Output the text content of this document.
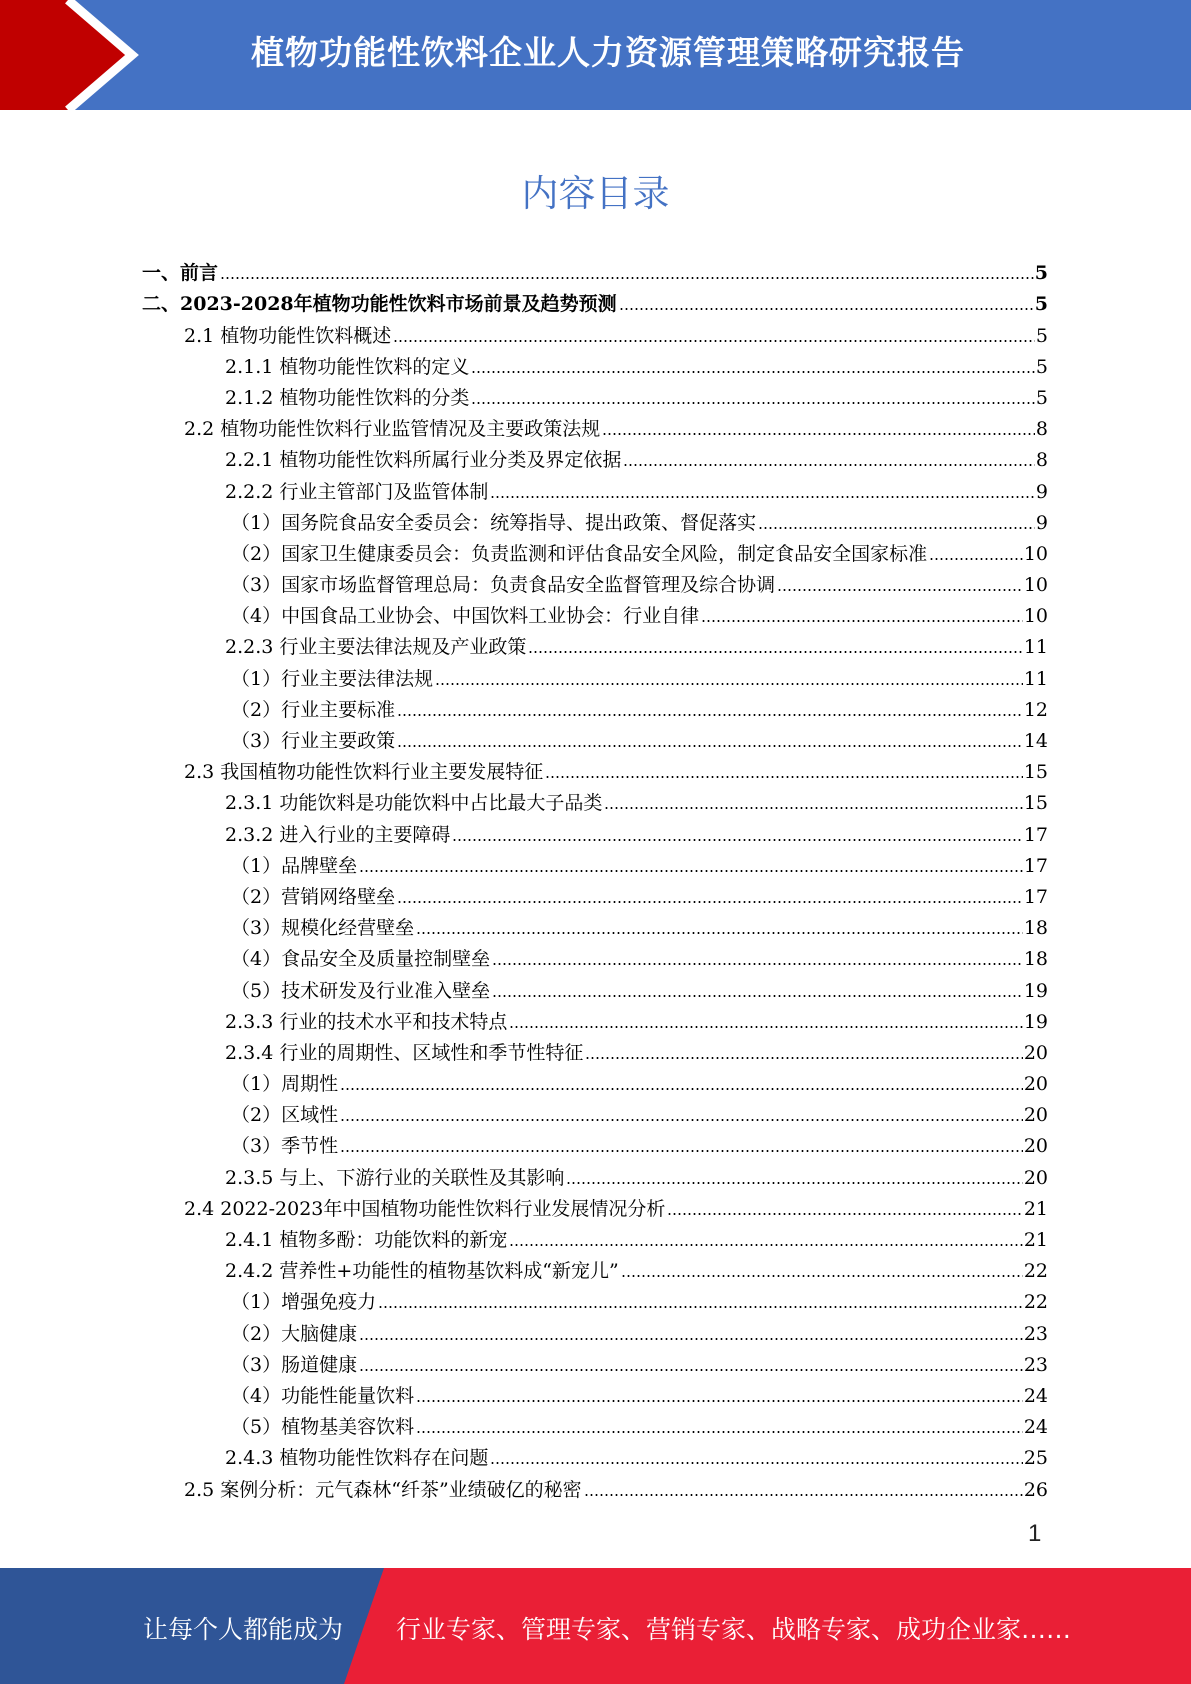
植物功能性饮料企业人力资源管理策略研究报告
内容目录
一、前言	5
二、2023-2028年植物功能性饮料市场前景及趋势预测	5
2.1 植物功能性饮料概述	5
2.1.1 植物功能性饮料的定义	5
2.1.2 植物功能性饮料的分类	5
2.2 植物功能性饮料行业监管情况及主要政策法规	8
2.2.1 植物功能性饮料所属行业分类及界定依据	8
2.2.2 行业主管部门及监管体制	9
（1）国务院食品安全委员会：统筹指导、提出政策、督促落实	9
（2）国家卫生健康委员会：负责监测和评估食品安全风险，制定食品安全国家标准	10
（3）国家市场监督管理总局：负责食品安全监督管理及综合协调	10
（4）中国食品工业协会、中国饮料工业协会：行业自律	10
2.2.3 行业主要法律法规及产业政策	11
（1）行业主要法律法规	11
（2）行业主要标准	12
（3）行业主要政策	14
2.3 我国植物功能性饮料行业主要发展特征	15
2.3.1 功能饮料是功能饮料中占比最大子品类	15
2.3.2 进入行业的主要障碍	17
（1）品牌壁垒	17
（2）营销网络壁垒	17
（3）规模化经营壁垒	18
（4）食品安全及质量控制壁垒	18
（5）技术研发及行业准入壁垒	19
2.3.3 行业的技术水平和技术特点	19
2.3.4 行业的周期性、区域性和季节性特征	20
（1）周期性	20
（2）区域性	20
（3）季节性	20
2.3.5 与上、下游行业的关联性及其影响	20
2.4 2022-2023年中国植物功能性饮料行业发展情况分析	21
2.4.1 植物多酚：功能饮料的新宠	21
2.4.2 营养性+功能性的植物基饮料成“新宠儿”	22
（1）增强免疫力	22
（2）大脑健康	23
（3）肠道健康	23
（4）功能性能量饮料	24
（5）植物基美容饮料	24
2.4.3 植物功能性饮料存在问题	25
2.5 案例分析：元气森林“纤茶”业绩破亿的秘密	26
1
让每个人都能成为 行业专家、管理专家、营销专家、战略专家、成功企业家……
